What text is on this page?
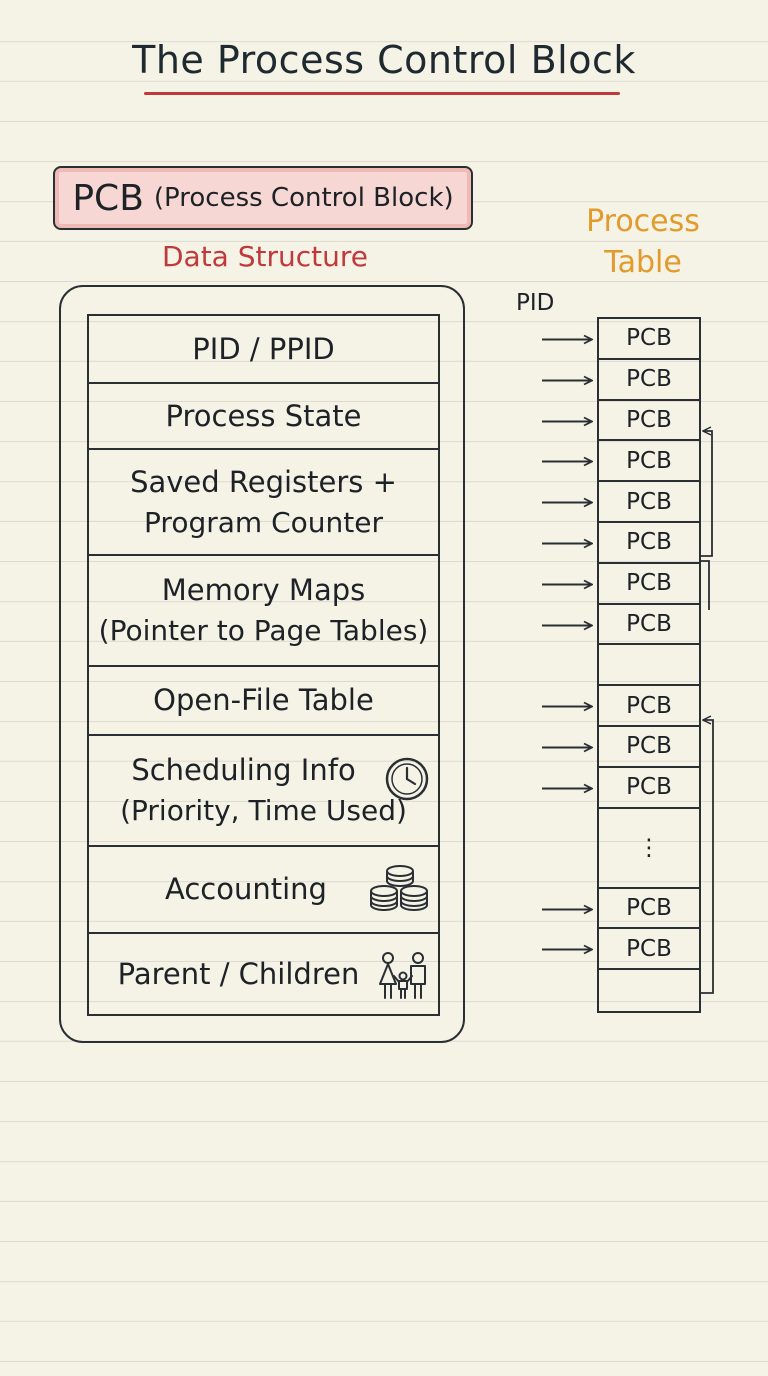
The Process Control Block
PCB (Process Control Block)
Data Structure
PID / PPID
Process State
Saved Registers +
Program Counter
Memory Maps
(Pointer to Page Tables)
Open-File Table
Scheduling Info
(Priority, Time Used)
Accounting
Parent / Children
Process
Table
PID
PCB
PCB
PCB
PCB
PCB
PCB
PCB
PCB
PCB
PCB
PCB
⋮
PCB
PCB
